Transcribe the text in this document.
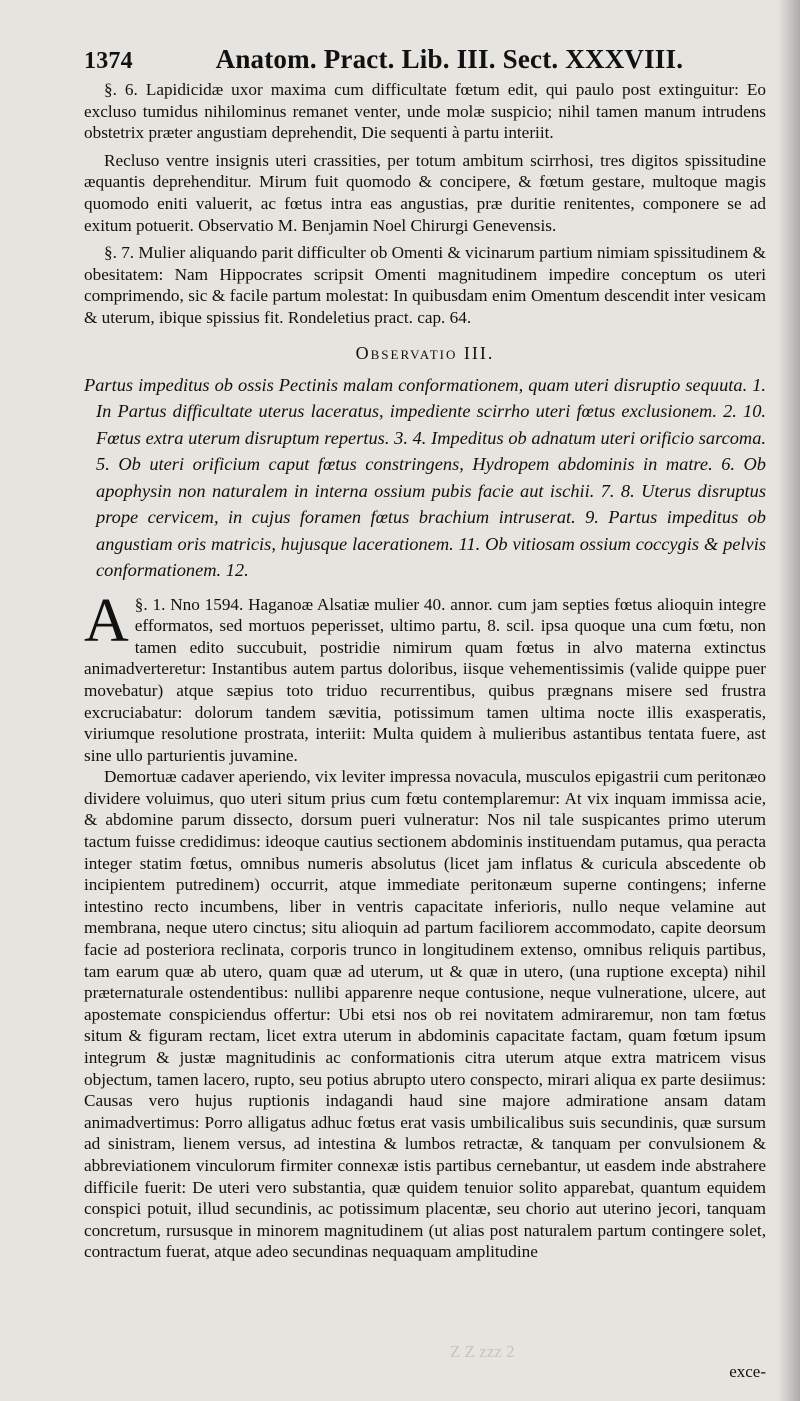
1374	Anatom. Pract. Lib. III. Sect. XXXVIII.

§. 6. Lapidicidæ uxor maxima cum difficultate fœtum edit, qui paulo post extinguitur: Eo excluso tumidus nihilominus remanet venter, unde molæ suspicio; nihil tamen manum intrudens obstetrix præter angustiam deprehendit, Die sequenti à partu interiit.

Recluso ventre insignis uteri crassities, per totum ambitum scirrhosi, tres digitos spissitudine æquantis deprehenditur. Mirum fuit quomodo & concipere, & fœtum gestare, multoque magis quomodo eniti valuerit, ac fœtus intra eas angustias, præ duritie renitentes, componere se ad exitum potuerit. Observatio M. Benjamin Noel Chirurgi Genevensis.

§. 7. Mulier aliquando parit difficulter ob Omenti & vicinarum partium nimiam spissitudinem & obesitatem: Nam Hippocrates scripsit Omenti magnitudinem impedire conceptum os uteri comprimendo, sic & facile partum molestat: In quibusdam enim Omentum descendit inter vesicam & uterum, ibique spissius fit. Rondeletius pract. cap. 64.

Observatio III.
Partus impeditus ob ossis Pectinis malam conformationem, quam uteri disruptio sequuta. 1. In Partus difficultate uterus laceratus, impediente scirrho uteri fœtus exclusionem. 2. 10. Fœtus extra uterum disruptum repertus. 3. 4. Impeditus ob adnatum uteri orificio sarcoma. 5. Ob uteri orificium caput fœtus constringens, Hydropem abdominis in matre. 6. Ob apophysin non naturalem in interna ossium pubis facie aut ischii. 7. 8. Uterus disruptus prope cervicem, in cujus foramen fœtus brachium intruserat. 9. Partus impeditus ob angustiam oris matricis, hujusque lacerationem. 11. Ob vitiosam ossium coccygis & pelvis conformationem. 12.

§. 1.
A Nno 1594. Haganoæ Alsatiæ mulier 40. annor. cum jam septies fœtus alioquin integre efformatos, sed mortuos peperisset, ultimo partu, 8. scil. ipsa quoque una cum fœtu, non tamen edito succubuit, postridie nimirum quam fœtus in alvo materna extinctus animadverteretur: Instantibus autem partus doloribus, iisque vehementissimis (valide quippe puer movebatur) atque sæpius toto triduo recurrentibus, quibus prægnans misere sed frustra excruciabatur: dolorum tandem sævitia, potissimum tamen ultima nocte illis exasperatis, viriumque resolutione prostrata, interiit: Multa quidem à mulieribus astantibus tentata fuere, ast sine ullo parturientis juvamine.

Demortuæ cadaver aperiendo, vix leviter impressa novacula, musculos epigastrii cum peritonæo dividere voluimus, quo uteri situm prius cum fœtu contemplaremur: At vix inquam immissa acie, & abdomine parum dissecto, dorsum pueri vulneratur: Nos nil tale suspicantes primo uterum tactum fuisse credidimus: ideoque cautius sectionem abdominis instituendam putamus, qua peracta integer statim fœtus, omnibus numeris absolutus (licet jam inflatus & curicula abscedente ob incipientem putredinem) occurrit, atque immediate peritonæum superne contingens; inferne intestino recto incumbens, liber in ventris capacitate inferioris, nullo neque velamine aut membrana, neque utero cinctus; situ alioquin ad partum faciliorem accommodato, capite deorsum facie ad posteriora reclinata, corporis trunco in longitudinem extenso, omnibus reliquis partibus, tam earum quæ ab utero, quam quæ ad uterum, ut & quæ in utero, (una ruptione excepta) nihil præternaturale ostendentibus: nullibi apparenre neque contusione, neque vulneratione, ulcere, aut apostemate conspiciendus offertur: Ubi etsi nos ob rei novitatem admiraremur, non tam fœtus situm & figuram rectam, licet extra uterum in abdominis capacitate factam, quam fœtum ipsum integrum & justæ magnitudinis ac conformationis citra uterum atque extra matricem visus objectum, tamen lacero, rupto, seu potius abrupto utero conspecto, mirari aliqua ex parte desiimus: Causas vero hujus ruptionis indagandi haud sine majore admiratione ansam datam animadvertimus: Porro alligatus adhuc fœtus erat vasis umbilicalibus suis secundinis, quæ sursum ad sinistram, lienem versus, ad intestina & lumbos retractæ, & tanquam per convulsionem & abbreviationem vinculorum firmiter connexæ istis partibus cernebantur, ut easdem inde abstrahere difficile fuerit: De uteri vero substantia, quæ quidem tenuior solito apparebat, quantum equidem conspici potuit, illud secundinis, ac potissimum placentæ, seu chorio aut uterino jecori, tanquam concretum, rursusque in minorem magnitudinem (ut alias post naturalem partum contingere solet, contractum fuerat, atque adeo secundinas nequaquam amplitudine

Z Z zzz 2
exce-
